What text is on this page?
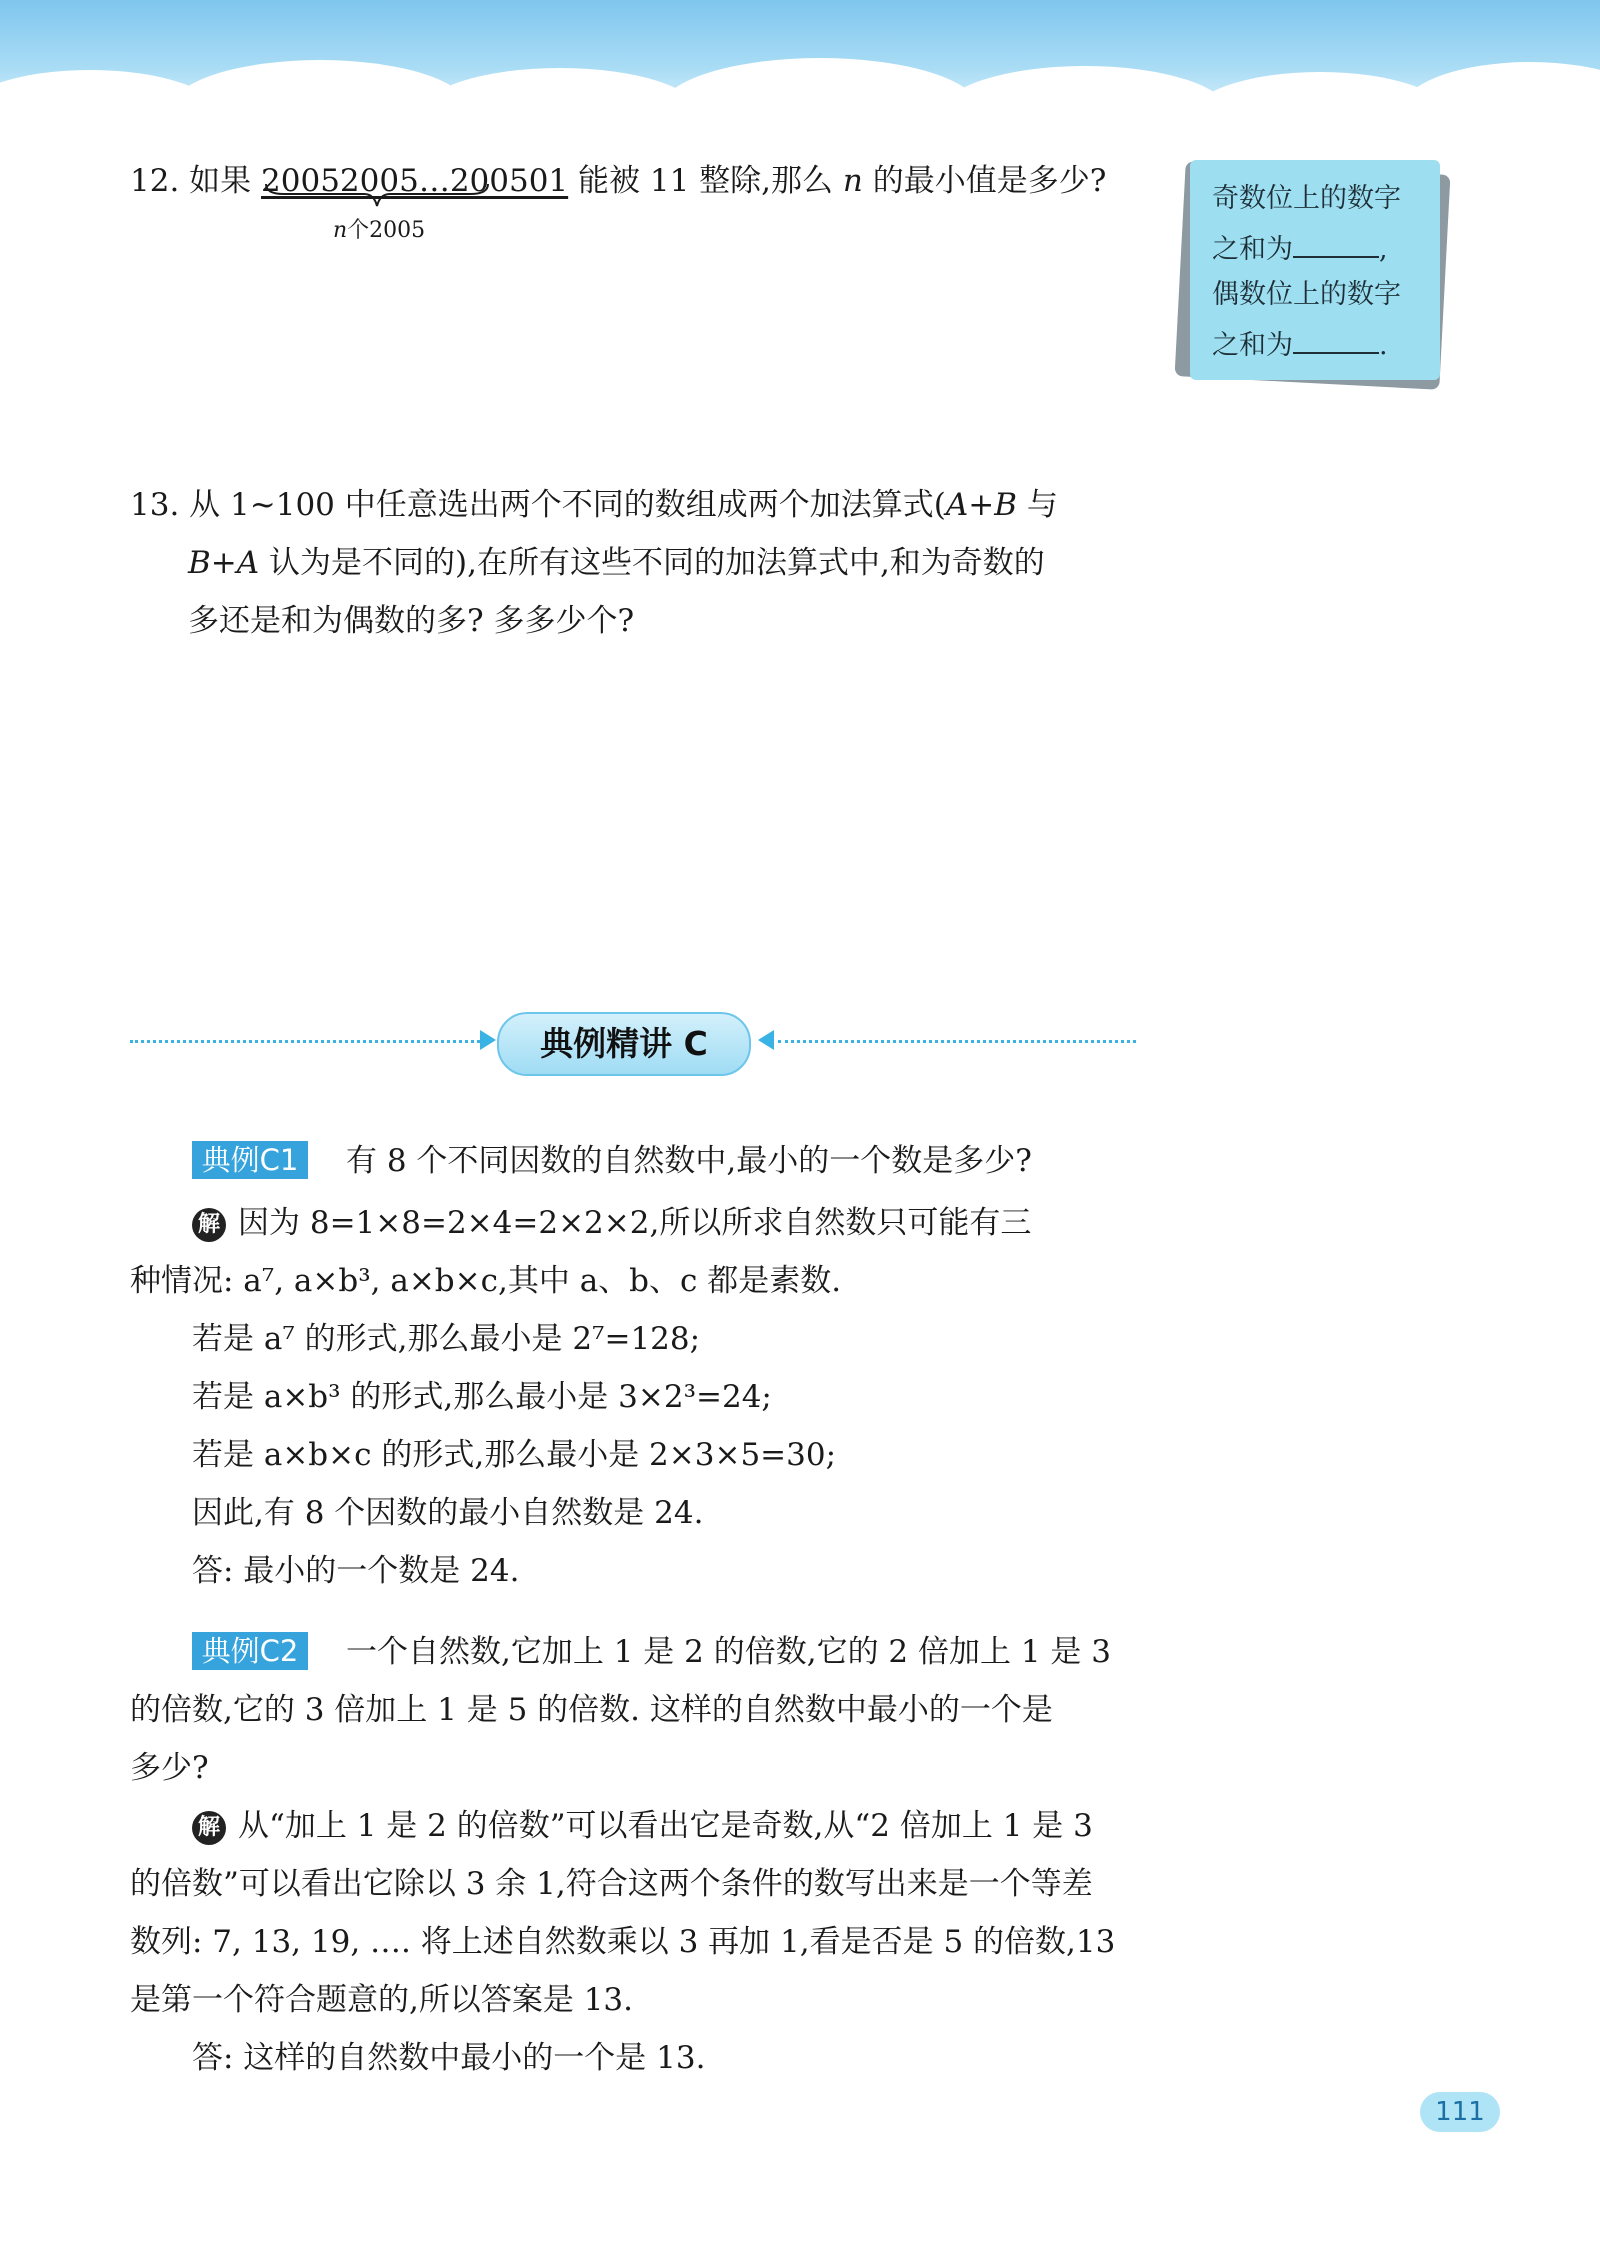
12. 如果 20052005…200501 能被 11 整除,那么 n 的最小值是多少?
n个2005
奇数位上的数字
之和为	,
偶数位上的数字
之和为	.
13. 从 1~100 中任意选出两个不同的数组成两个加法算式(A+B 与
B+A 认为是不同的),在所有这些不同的加法算式中,和为奇数的
多还是和为偶数的多? 多多少个?
典例精讲 C
典例C1	有 8 个不同因数的自然数中,最小的一个数是多少?
解 因为 8=1×8=2×4=2×2×2,所以所求自然数只可能有三
种情况: a⁷, a×b³, a×b×c,其中 a、b、c 都是素数.
若是 a⁷ 的形式,那么最小是 2⁷=128;
若是 a×b³ 的形式,那么最小是 3×2³=24;
若是 a×b×c 的形式,那么最小是 2×3×5=30;
因此,有 8 个因数的最小自然数是 24.
答: 最小的一个数是 24.
典例C2	一个自然数,它加上 1 是 2 的倍数,它的 2 倍加上 1 是 3
的倍数,它的 3 倍加上 1 是 5 的倍数. 这样的自然数中最小的一个是
多少?
解 从“加上 1 是 2 的倍数”可以看出它是奇数,从“2 倍加上 1 是 3
的倍数”可以看出它除以 3 余 1,符合这两个条件的数写出来是一个等差
数列: 7, 13, 19, …. 将上述自然数乘以 3 再加 1,看是否是 5 的倍数,13
是第一个符合题意的,所以答案是 13.
答: 这样的自然数中最小的一个是 13.
111
